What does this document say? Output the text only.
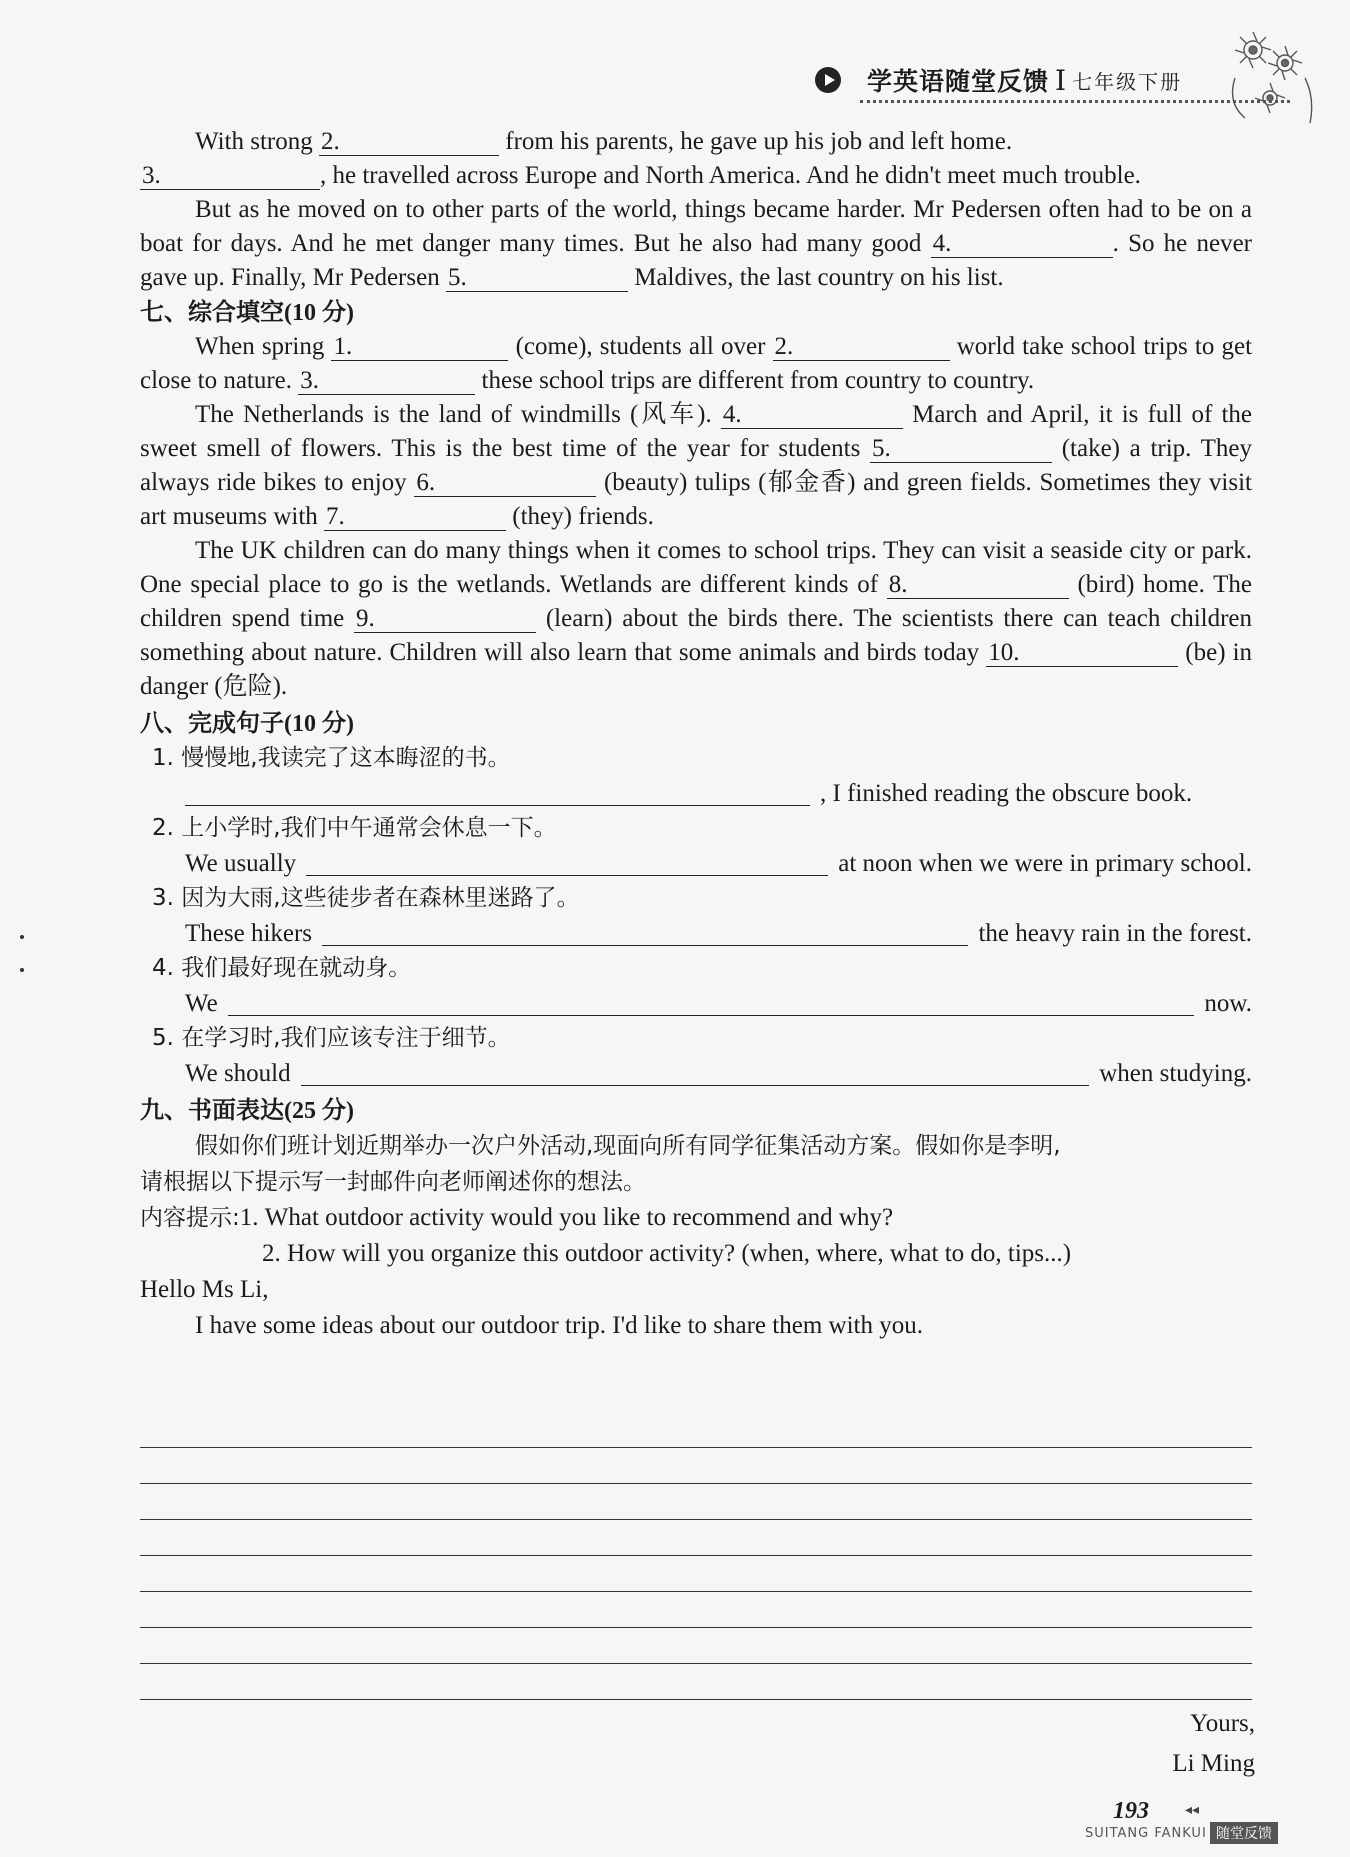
学英语随堂反馈 I 七年级下册

With strong 2.	from his parents, he gave up his job and left home.

3.	, he travelled across Europe and North America. And he didn't meet much trouble.

But as he moved on to other parts of the world, things became harder. Mr Pedersen often had to be on a boat for days. And he met danger many times. But he also had many good 4.	. So he never gave up. Finally, Mr Pedersen 5.	Maldives, the last country on his list.

七、综合填空(10 分)

When spring 1.	(come), students all over 2.	world take school trips to get close to nature. 3.	these school trips are different from country to country.

The Netherlands is the land of windmills (风车). 4.	March and April, it is full of the sweet smell of flowers. This is the best time of the year for students 5.	(take) a trip. They always ride bikes to enjoy 6.	(beauty) tulips (郁金香) and green fields. Sometimes they visit art museums with 7.	(they) friends.

The UK children can do many things when it comes to school trips. They can visit a seaside city or park. One special place to go is the wetlands. Wetlands are different kinds of 8.	(bird) home. The children spend time 9.	(learn) about the birds there. The scientists there can teach children something about nature. Children will also learn that some animals and birds today 10.	(be) in danger (危险).

八、完成句子(10 分)

1. 慢慢地,我读完了这本晦涩的书。

, I finished reading the obscure book.

2. 上小学时,我们中午通常会休息一下。

We usually	at noon when we were in primary school.

3. 因为大雨,这些徒步者在森林里迷路了。

These hikers	the heavy rain in the forest.

4. 我们最好现在就动身。

We	now.

5. 在学习时,我们应该专注于细节。

We should	when studying.

九、书面表达(25 分)

假如你们班计划近期举办一次户外活动,现面向所有同学征集活动方案。假如你是李明,

请根据以下提示写一封邮件向老师阐述你的想法。

内容提示:1. What outdoor activity would you like to recommend and why?

2. How will you organize this outdoor activity? (when, where, what to do, tips...)

Hello Ms Li,

I have some ideas about our outdoor trip. I'd like to share them with you.

Yours,
Li Ming
193	◂◂
SUITANG FANKUI 随堂反馈
